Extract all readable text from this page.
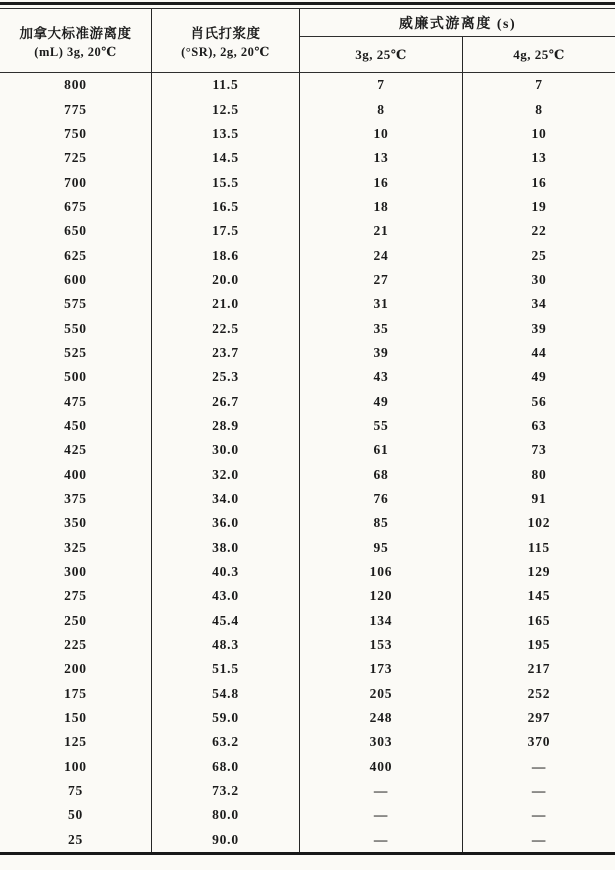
加拿大标准游离度
(mL) 3g, 20℃
肖氏打浆度
(°SR), 2g, 20℃
威廉式游离度 (s)
3g, 25℃	4g, 25℃
800	11.5	7	7
775	12.5	8	8
750	13.5	10	10
725	14.5	13	13
700	15.5	16	16
675	16.5	18	19
650	17.5	21	22
625	18.6	24	25
600	20.0	27	30
575	21.0	31	34
550	22.5	35	39
525	23.7	39	44
500	25.3	43	49
475	26.7	49	56
450	28.9	55	63
425	30.0	61	73
400	32.0	68	80
375	34.0	76	91
350	36.0	85	102
325	38.0	95	115
300	40.3	106	129
275	43.0	120	145
250	45.4	134	165
225	48.3	153	195
200	51.5	173	217
175	54.8	205	252
150	59.0	248	297
125	63.2	303	370
100	68.0	400	—
75	73.2	—	—
50	80.0	—	—
25	90.0	—	—
